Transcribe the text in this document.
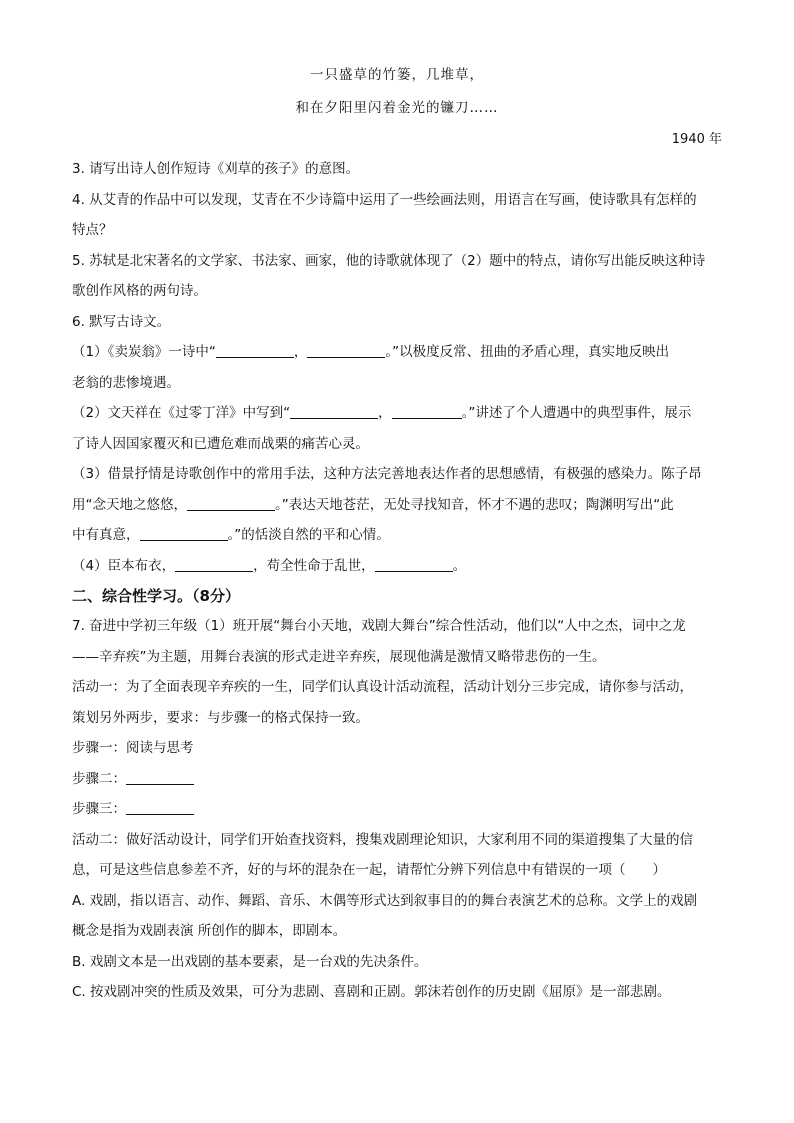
一只盛草的竹篓，几堆草，
和在夕阳里闪着金光的镰刀……
1940 年
3. 请写出诗人创作短诗《刈草的孩子》的意图。
4. 从艾青的作品中可以发现，艾青在不少诗篇中运用了一些绘画法则，用语言在写画，使诗歌具有怎样的
特点？
5. 苏轼是北宋著名的文学家、书法家、画家，他的诗歌就体现了（2）题中的特点，请你写出能反映这种诗
歌创作风格的两句诗。
6. 默写古诗文。
（1）《卖炭翁》一诗中“	，	。”以极度反常、扭曲的矛盾心理，真实地反映出
老翁的悲惨境遇。
（2）文天祥在《过零丁洋》中写到“	，	。”讲述了个人遭遇中的典型事件，展示
了诗人因国家覆灭和已遭危难而战栗的痛苦心灵。
（3）借景抒情是诗歌创作中的常用手法，这种方法完善地表达作者的思想感情，有极强的感染力。陈子昂
用“念天地之悠悠，	。”表达天地苍茫，无处寻找知音，怀才不遇的悲叹；陶渊明写出“此
中有真意，	。”的恬淡自然的平和心情。
（4）臣本布衣，	，苟全性命于乱世，	。
二、综合性学习。（8分）
7. 奋进中学初三年级（1）班开展“舞台小天地，戏剧大舞台”综合性活动，他们以“人中之杰，词中之龙
——辛弃疾”为主题，用舞台表演的形式走进辛弃疾，展现他满是激情又略带悲伤的一生。
活动一：为了全面表现辛弃疾的一生，同学们认真设计活动流程，活动计划分三步完成，请你参与活动，
策划另外两步，要求：与步骤一的格式保持一致。
步骤一：阅读与思考
步骤二：
步骤三：
活动二：做好活动设计，同学们开始查找资料，搜集戏剧理论知识，大家利用不同的渠道搜集了大量的信
息，可是这些信息参差不齐，好的与坏的混杂在一起，请帮忙分辨下列信息中有错误的一项（　　）
A. 戏剧，指以语言、动作、舞蹈、音乐、木偶等形式达到叙事目的的舞台表演艺术的总称。文学上的戏剧
概念是指为戏剧表演 所创作的脚本，即剧本。
B. 戏剧文本是一出戏剧的基本要素，是一台戏的先决条件。
C. 按戏剧冲突的性质及效果，可分为悲剧、喜剧和正剧。郭沫若创作的历史剧《屈原》是一部悲剧。
